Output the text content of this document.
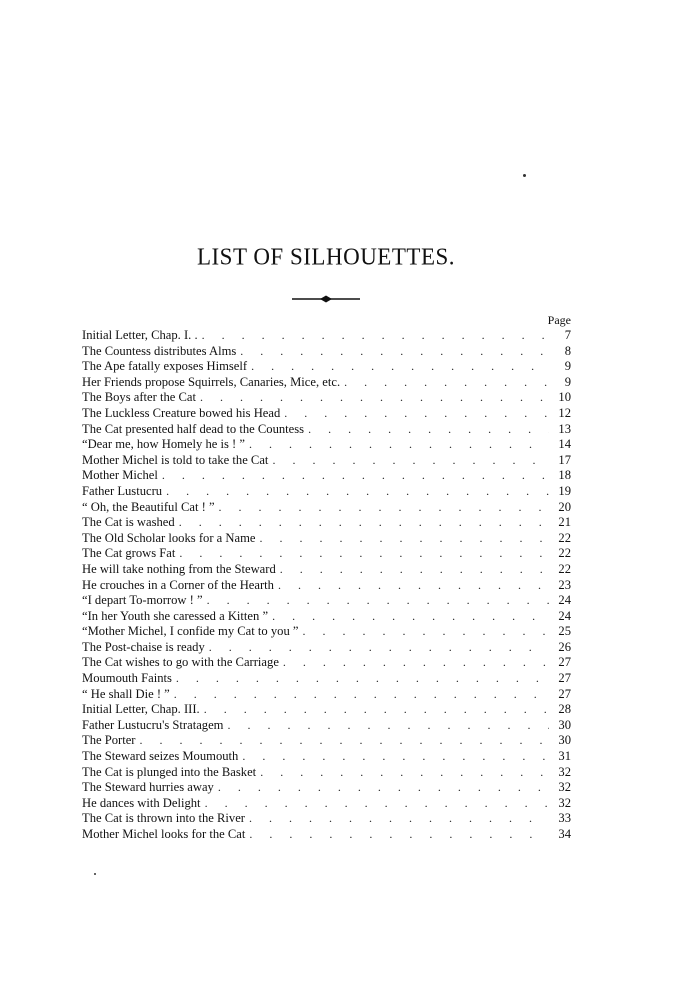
LIST OF SILHOUETTES.
Page
Initial Letter, Chap. I. . . . .	7
The Countess distributes Alms . . .	8
The Ape fatally exposes Himself . . .	9
Her Friends propose Squirrels, Canaries, Mice, etc. . . .	9
The Boys after the Cat . . .	10
The Luckless Creature bowed his Head . . .	12
The Cat presented half dead to the Countess . . .	13
“Dear me, how Homely he is ! ” . . .	14
Mother Michel is told to take the Cat . . .	17
Mother Michel . . .	18
Father Lustucru . . .	19
“ Oh, the Beautiful Cat ! ” . . .	20
The Cat is washed . . .	21
The Old Scholar looks for a Name . . .	22
The Cat grows Fat . . .	22
He will take nothing from the Steward . . .	22
He crouches in a Corner of the Hearth . . .	23
“I depart To-morrow ! ” . . .	24
“In her Youth she caressed a Kitten ” . . .	24
“Mother Michel, I confide my Cat to you ” . . .	25
The Post-chaise is ready . . .	26
The Cat wishes to go with the Carriage . . .	27
Moumouth Faints . . .	27
“ He shall Die ! ” . . .	27
Initial Letter, Chap. III. . . .	28
Father Lustucru's Stratagem . . .	30
The Porter . . .	30
The Steward seizes Moumouth . . .	31
The Cat is plunged into the Basket . . .	32
The Steward hurries away . . .	32
He dances with Delight . . .	32
The Cat is thrown into the River . . .	33
Mother Michel looks for the Cat . . .	34
